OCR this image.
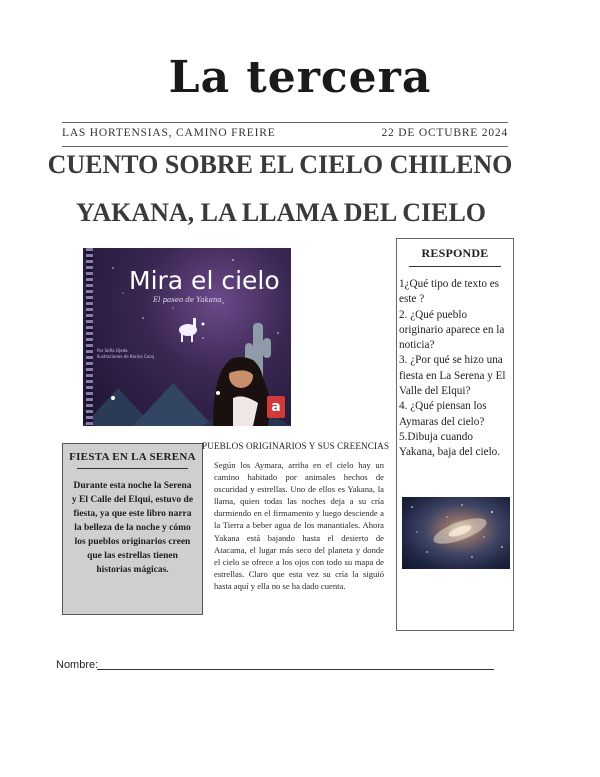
La tercera
LAS HORTENSIAS, CAMINO FREIRE	22 DE OCTUBRE 2024
CUENTO SOBRE EL CIELO CHILENO
YAKANA, LA LLAMA DEL CIELO
Mira el cielo
El paseo de Yakana
Por Sofia Ojeda
Ilustraciones de Karina Cocq
a
FIESTA EN LA SERENA
Durante esta noche la Serena y El Calle del Elqui, estuvo de fiesta, ya que este libro narra la belleza de la noche y cómo los pueblos originarios creen que las estrellas tienen historias mágicas.
PUEBLOS ORIGINARIOS Y SUS CREENCIAS
Según los Aymara, arriba en el cielo hay un camino habitado por animales hechos de oscuridad y estrellas. Uno de ellos es Yakana, la llama, quien todas las noches deja a su cría durmiendo en el firmamento y luego desciende a la Tierra a beber agua de los manantiales. Ahora Yakana está bajando hasta el desierto de Atacama, el lugar más seco del planeta y donde el cielo se ofrece a los ojos con todo su mapa de estrellas. Claro que esta vez su cría la siguió hasta aquí y ella no se ha dado cuenta.
RESPONDE
1¿Qué tipo de texto es este ?
2. ¿Qué pueblo originario aparece en la noticia?
3. ¿Por qué se hizo una fiesta en La Serena y El Valle del Elqui?
4. ¿Qué piensan los Aymaras del cielo?
5.Dibuja cuando Yakana, baja del cielo.
Nombre:
